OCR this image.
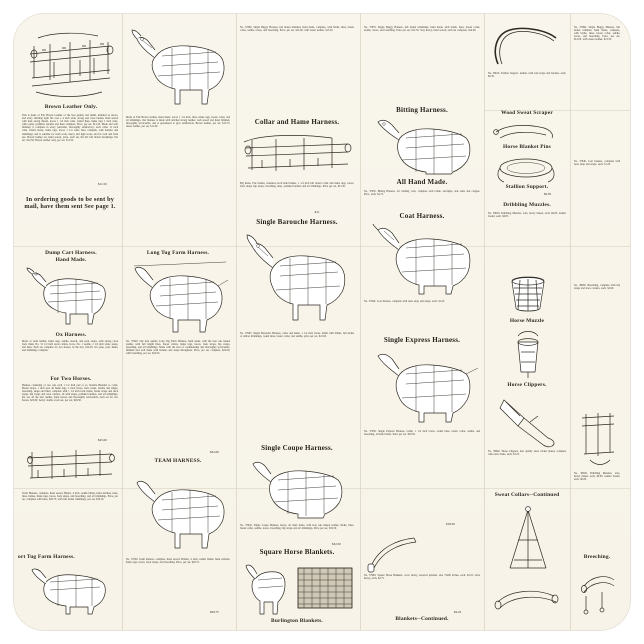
Brown Leather Only.
This is made of Fair Brown Leather of the best quality and finish, trimmed as above, and every stitching tight fits over a 4 inch wide, strong and close buckle, hand sewed with dark strong thread, traces 1 1/4 inch wide, folded lines, hame tugs 1 inch wide, with round, polished, buckles and lines complete. Price, per set, $11.50. Made and well finished; it complete in every particular, thoroughly satisfactory; each collar 11 inch wide, folded breast, hame tugs, traces 1 1/4 wide, lines complete, with buckles and trimmings; and is suitable for team work, heavy and light work, and for road and farm use. Brown leather set, hand sewed, price, each set, $11.00; full nickel mountings. Per set, $12.50; Brown leather only, per set, $11.50.
In ordering goods to be sent by mail, have them sent See page 1.
Dump Cart Harness.
Hand Made.
Ox Harness.
Made of solid leather, hame tugs, saddle, breech, and neck straps, with strong close back chain, No. 31 1/2 inch stock collars, bows, No. 1 saddle, 2 1/2 inch wide, snaps, and lines. Each set complete for two horses, in the box, $14.50. Ox yoke, pole, hame, and trimmings complete.
For Two Horses.
Harness consisting of two sets each 1 1/2 inch pad or so. Double Buckled to collar. Breast straps, 1 inch pad, all hame tugs, 1 inch traces, back straps, double and single, breeching, snaps and lines; complete with 1 1/4 inch back bands, breast straps and neck straps, hip straps and trace carriers, all with snaps, polished buckles, and all trimmings. Per set, all the best leather, hand sewed, and thoroughly serviceable, each set for two horses, $25.00; heavy double work set, per set, $28.50.
Team Harness, complete, hand sewed, Brides, 4 inch, saddle blinds, hand stitched, reins, lines, hames, hame tugs, traces, back straps, and breeching, and all trimmings. Price, per set, complete with lines, $29.75; with full nickel trimmings, per set, $33.50.
ort Tug Farm Harness.
Made of Fair Brown leather, hand made, traces 1 1/4 inch, lines, hame tugs, breast collar, and all trimmings. Our harness is made with stitched strong leather, well sewed and hand finished, thoroughly serviceable, and is guaranteed to give satisfaction. Brown leather, per set, $10.75; russet leather, per set, $11.00.
Long Tug Farm Harness.
No. 37920. Our best quality Long Tug Farm Harness, hand made, with the best oak tanned leather, with full length lines, breast collars, hame tugs, traces, back straps, hip straps, breeching, and all trimmings. Made with the best of workmanship and thoroughly serviceable, finished and well made with buckles and snaps throughout. Price, per set, complete, $22.00; with breeching, per set, $24.50.
TEAM HARNESS.
No. 37930. Team harness, complete, hand sewed, Bridles, 4 inch, saddle blinds, hand stitched, hame tugs, traces, back straps, and breeching. Price, per set, $29.75.
No. 37890. Single Buggy Harness, full nickel trimmed, hand made, complete, with bridle, lines, breast collar, saddle, traces, and breeching. Price, per set, $12.00; with russet leather, $13.50.
Collar and Hame Harness.
Big hame, Fair leather, extended stock hand hames, 1 1/4 inch full nickel collar and hame tugs, traces, back straps, hip straps, breeching, lines, polished buckles and all trimmings. Price per set, $15.50.
Single Barouche Harness.
No. 37905. Single Barouche Harness, collar and hame, 1 1/4 inch traces, bridle with blinds, full nickel or rubber trimmings, round lines, breast collar, and saddle, price per set, $21.00.
Single Coupe Harness.
No. 37920. Single Coupe Harness, heavy, all hand made, with best oak tanned leather, bridle, lines, breast collar, saddle, traces, breeching, hip straps and all trimmings. Price per set, $32.50.
Square Horse Blankets.
Burlington Blankets.
No. 37870. Single Buggy Harness, full nickel trimmings, hand made, with bridle, lines, breast collar, saddle, traces, and breeching. Price per set, $12.50. Very heavy, hand sewed; each set complete, $14.00.
Bitting Harness.
All Hand Made.
No. 37935. Bitting Harness, for training colts, complete with bridle, surcingle, side reins and crupper. Price, each, $4.75.
Coat Harness.
No. 37940. Coat harness, complete with neck strap and snaps, each, $1.25.
Single Express Harness.
No. 37950. Single Express Harness, bridle, 1 1/4 inch traces, round lines, breast collar, saddle, and breeching, all hand made. Price per set, $18.50.
No. 37980. Square Horse Blankets, wool, heavy, assorted patterns, size 72x80 inches, each, $2.25; extra heavy, each, $2.75.
Blankets--Continued.
No. 38010. Stallion Support, leather, with web straps and buckles, each, $2.50.
Wood Sweat Scraper
Horse Blanket Pins
Stallion Support.
$0.95
Dribbling Muzzles.
No. 38020. Dribbling Muzzles, wire, heavy tinned, each, $0.65; leather bound, each, $0.85.
Horse Muzzle
Horse Clippers.
No. 38040. Horse Clippers, best quality steel, nickel plated, complete with extra blade, each, $3.25.
Sweat Collars--Continued
No. 37890. Single Buggy Harness, full nickel trimmed, hand made, complete, with bridle, lines, breast collar, saddle, traces, and breeching. Price, per set, $12.00; with russet leather, $13.50.
No. 37940. Coat harness, complete with neck strap and snaps, each, $1.25.
No. 38060. Breeching, complete with hip straps and trace carriers, each, $2.90.
No. 38020. Dribbling Muzzles, wire, heavy tinned, each, $0.65; leather bound, each, $0.85.
Breeching.
.$11
$22.00
$18.50
$11.50
$25.00
$29.75
$32.50
$2.25
